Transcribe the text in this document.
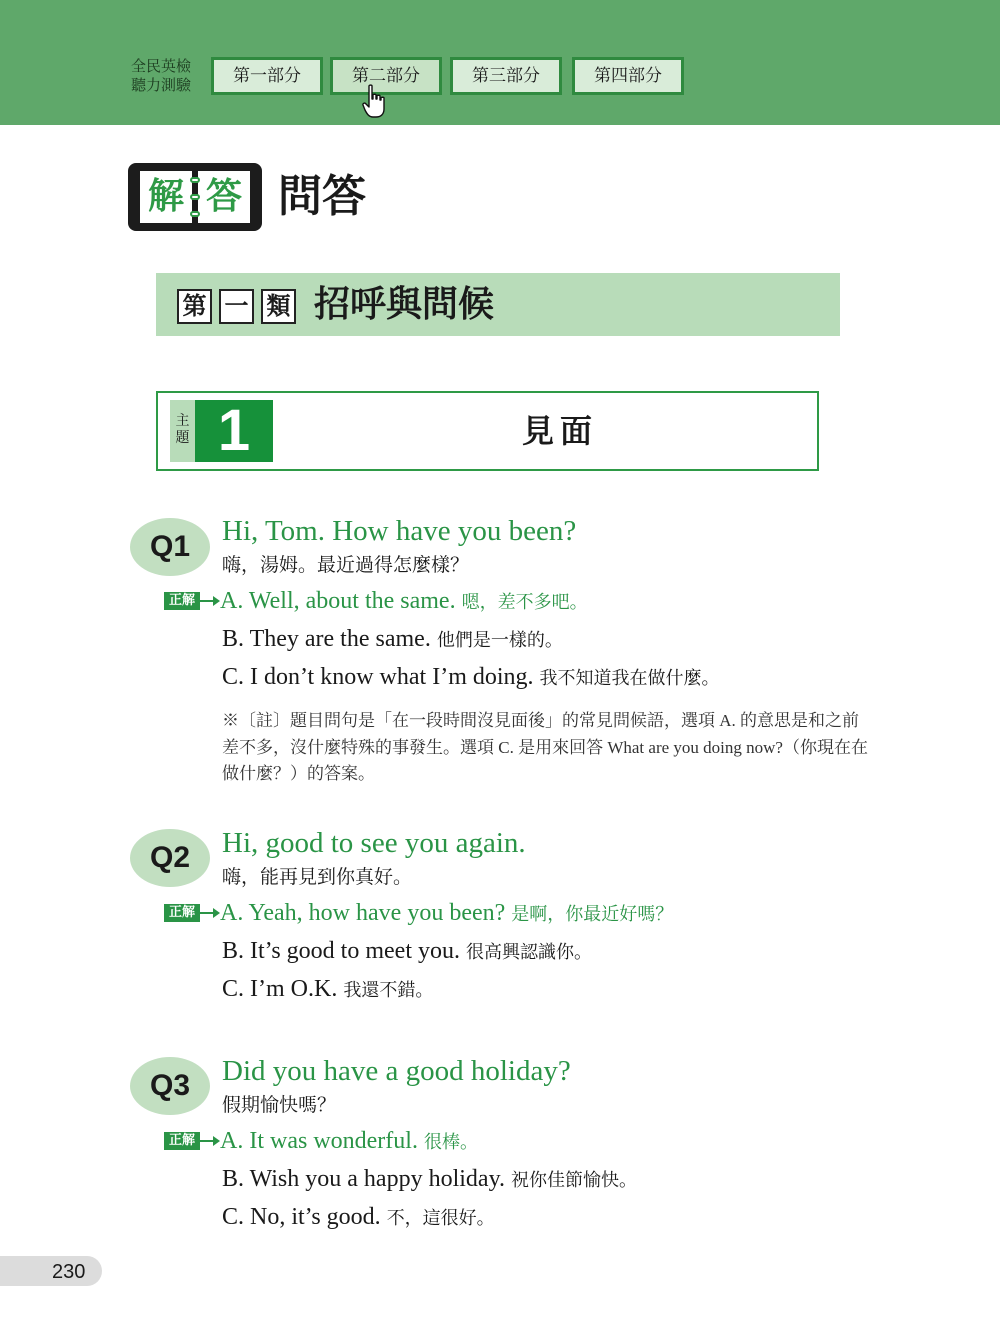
全民英檢
聽力測驗	第一部分	第二部分	第三部分	第四部分
解 答 問答
第 一 類 招呼與問候
主題 1	見面
Q1	Hi, Tom. How have you been?
嗨，湯姆。最近過得怎麼樣？
正解 A. Well, about the same. 嗯，差不多吧。
B. They are the same. 他們是一樣的。
C. I don’t know what I’m doing. 我不知道我在做什麼。
※〔註〕題目問句是「在一段時間沒見面後」的常見問候語，選項 A. 的意思是和之前差不多，沒什麼特殊的事發生。選項 C. 是用來回答 What are you doing now?（你現在在做什麼？）的答案。
Q2	Hi, good to see you again.
嗨，能再見到你真好。
正解 A. Yeah, how have you been? 是啊，你最近好嗎？
B. It’s good to meet you. 很高興認識你。
C. I’m O.K. 我還不錯。
Q3	Did you have a good holiday?
假期愉快嗎？
正解 A. It was wonderful. 很棒。
B. Wish you a happy holiday. 祝你佳節愉快。
C. No, it’s good. 不，這很好。
230
